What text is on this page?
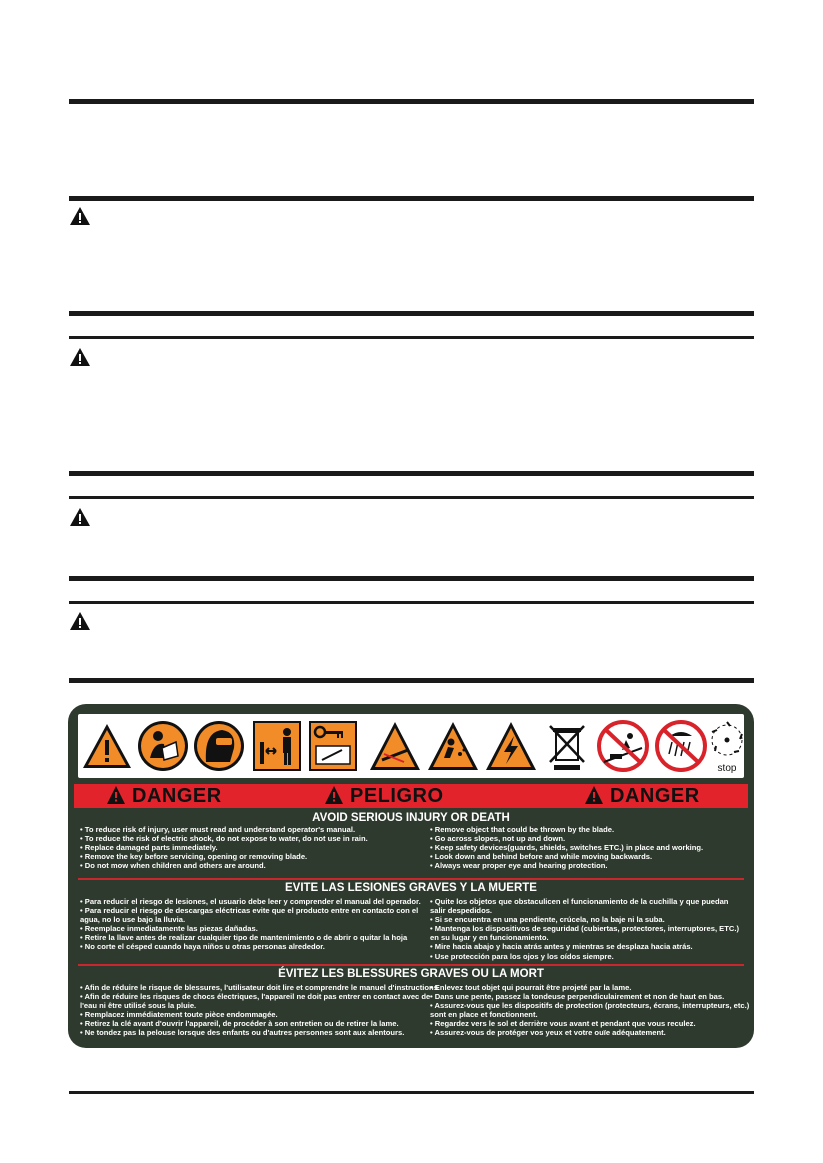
stop
DANGER	PELIGRO	DANGER
AVOID SERIOUS INJURY OR DEATH
• To reduce risk of injury, user must read and understand operator's manual.
• To reduce the risk of electric shock, do not expose to water, do not use in rain.
• Replace damaged parts immediately.
• Remove the key before servicing, opening or removing blade.
• Do not mow when children and others are around.
• Remove object that could be thrown by the blade.
• Go across slopes, not up and down.
• Keep safety devices(guards, shields, switches ETC.) in place and working.
• Look down and behind before and while moving backwards.
• Always wear proper eye and hearing protection.
EVITE LAS LESIONES GRAVES Y LA MUERTE
• Para reducir el riesgo de lesiones, el usuario debe leer y comprender el manual del operador.
• Para reducir el riesgo de descargas eléctricas evite que el producto entre en contacto con el
agua, no lo use bajo la lluvia.
• Reemplace inmediatamente las piezas dañadas.
• Retire la llave antes de realizar cualquier tipo de mantenimiento o de abrir o quitar la hoja
• No corte el césped cuando haya niños u otras personas alrededor.
• Quite los objetos que obstaculicen el funcionamiento de la cuchilla y que puedan
salir despedidos.
• Si se encuentra en una pendiente, crúcela, no la baje ni la suba.
• Mantenga los dispositivos de seguridad (cubiertas, protectores, interruptores, ETC.)
en su lugar y en funcionamiento.
• Mire hacia abajo y hacia atrás antes y mientras se desplaza hacia atrás.
• Use protección para los ojos y los oídos siempre.
ÉVITEZ LES BLESSURES GRAVES OU LA MORT
• Afin de réduire le risque de blessures, l'utilisateur doit lire et comprendre le manuel d'instructions.
• Afin de réduire les risques de chocs électriques, l'appareil ne doit pas entrer en contact avec de
l'eau ni être utilisé sous la pluie.
• Remplacez immédiatement toute pièce endommagée.
• Retirez la clé avant d'ouvrir l'appareil, de procéder à son entretien ou de retirer la lame.
• Ne tondez pas la pelouse lorsque des enfants ou d'autres personnes sont aux alentours.
• Enlevez tout objet qui pourrait être projeté par la lame.
• Dans une pente, passez la tondeuse perpendiculairement et non de haut en bas.
• Assurez-vous que les dispositifs de protection (protecteurs, écrans, interrupteurs, etc.)
sont en place et fonctionnent.
• Regardez vers le sol et derrière vous avant et pendant que vous reculez.
• Assurez-vous de protéger vos yeux et votre ouïe adéquatement.
